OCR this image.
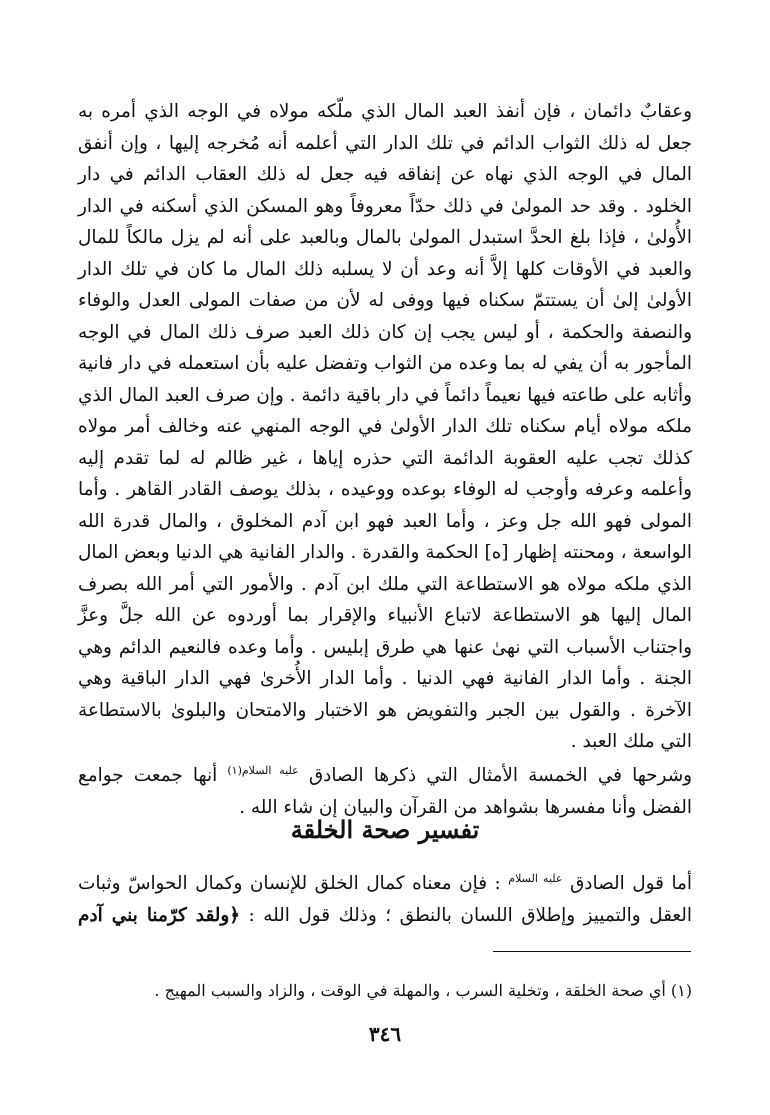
وعقابٌ دائمان ، فإن أنفذ العبد المال الذي ملّكه مولاه في الوجه الذي أمره به جعل له ذلك الثواب الدائم في تلك الدار التي أعلمه أنه مُخرجه إليها ، وإن أنفق المال في الوجه الذي نهاه عن إنفاقه فيه جعل له ذلك العقاب الدائم في دار الخلود . وقد حد المولىٰ في ذلك حدّاً معروفاً وهو المسكن الذي أسكنه في الدار الأُولىٰ ، فإذا بلغ الحدَّ استبدل المولىٰ بالمال وبالعبد على أنه لم يزل مالكاً للمال والعبد في الأوقات كلها إلاَّ أنه وعد أن لا يسلبه ذلك المال ما كان في تلك الدار الأولىٰ إلىٰ أن يستتمّ سكناه فيها ووفى له لأن من صفات المولى العدل والوفاء والنصفة والحكمة ، أو ليس يجب إن كان ذلك العبد صرف ذلك المال في الوجه المأجور به أن يفي له بما وعده من الثواب وتفضل عليه بأن استعمله في دار فانية وأثابه على طاعته فيها نعيماً دائماً في دار باقية دائمة . وإن صرف العبد المال الذي ملكه مولاه أيام سكناه تلك الدار الأولىٰ في الوجه المنهي عنه وخالف أمر مولاه كذلك تجب عليه العقوبة الدائمة التي حذره إياها ، غير ظالم له لما تقدم إليه وأعلمه وعرفه وأوجب له الوفاء بوعده ووعيده ، بذلك يوصف القادر القاهر . وأما المولى فهو الله جل وعز ، وأما العبد فهو ابن آدم المخلوق ، والمال قدرة الله الواسعة ، ومحنته إظهار [ه] الحكمة والقدرة . والدار الفانية هي الدنيا وبعض المال الذي ملكه مولاه هو الاستطاعة التي ملك ابن آدم . والأمور التي أمر الله بصرف المال إليها هو الاستطاعة لاتباع الأنبياء والإقرار بما أوردوه عن الله جلَّ وعزَّ واجتناب الأسباب التي نهىٰ عنها هي طرق إبليس . وأما وعده فالنعيم الدائم وهي الجنة . وأما الدار الفانية فهي الدنيا . وأما الدار الأُخرىٰ فهي الدار الباقية وهي الآخرة . والقول بين الجبر والتفويض هو الاختبار والامتحان والبلوىٰ بالاستطاعة التي ملك العبد .

وشرحها في الخمسة الأمثال التي ذكرها الصادق $^{عليه السلام(١)}$ أنها جمعت جوامع الفضل وأنا مفسرها بشواهد من القرآن والبيان إن شاء الله .

تفسير صحة الخلقة

أما قول الصادق $^{عليه السلام}$ : فإن معناه كمال الخلق للإنسان وكمال الحواسّ وثبات العقل والتمييز وإطلاق اللسان بالنطق ؛ وذلك قول الله : ﴿ولقد كرّمنا بني آدم

(١) أي صحة الخلقة ، وتخلية السرب ، والمهلة في الوقت ، والزاد والسبب المهيج .

٣٤٦
